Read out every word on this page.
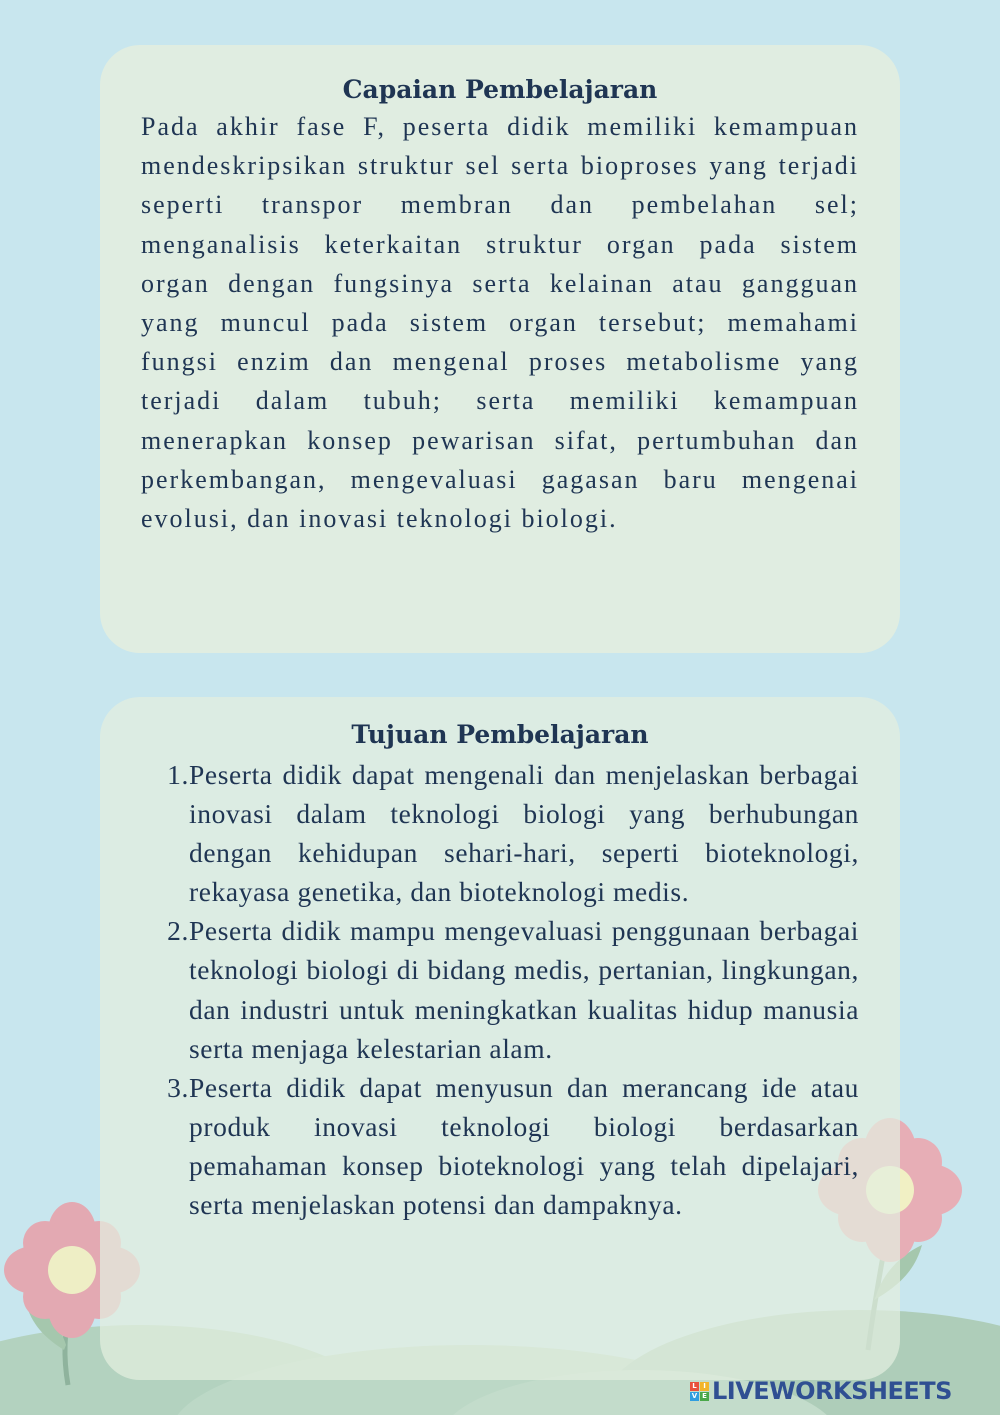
Capaian Pembelajaran

Pada akhir fase F, peserta didik memiliki kemampuan mendeskripsikan struktur sel serta bioproses yang terjadi seperti transpor membran dan pembelahan sel; menganalisis keterkaitan struktur organ pada sistem organ dengan fungsinya serta kelainan atau gangguan yang muncul pada sistem organ tersebut; memahami fungsi enzim dan mengenal proses metabolisme yang terjadi dalam tubuh; serta memiliki kemampuan menerapkan konsep pewarisan sifat, pertumbuhan dan perkembangan, mengevaluasi gagasan baru mengenai evolusi, dan inovasi teknologi biologi.

Tujuan Pembelajaran
1. Peserta didik dapat mengenali dan menjelaskan berbagai inovasi dalam teknologi biologi yang berhubungan dengan kehidupan sehari-hari, seperti bioteknologi, rekayasa genetika, dan bioteknologi medis.
2. Peserta didik mampu mengevaluasi penggunaan berbagai teknologi biologi di bidang medis, pertanian, lingkungan, dan industri untuk meningkatkan kualitas hidup manusia serta menjaga kelestarian alam.
3. Peserta didik dapat menyusun dan merancang ide atau produk inovasi teknologi biologi berdasarkan pemahaman konsep bioteknologi yang telah dipelajari, serta menjelaskan potensi dan dampaknya.
L I
V E LIVEWORKSHEETS
